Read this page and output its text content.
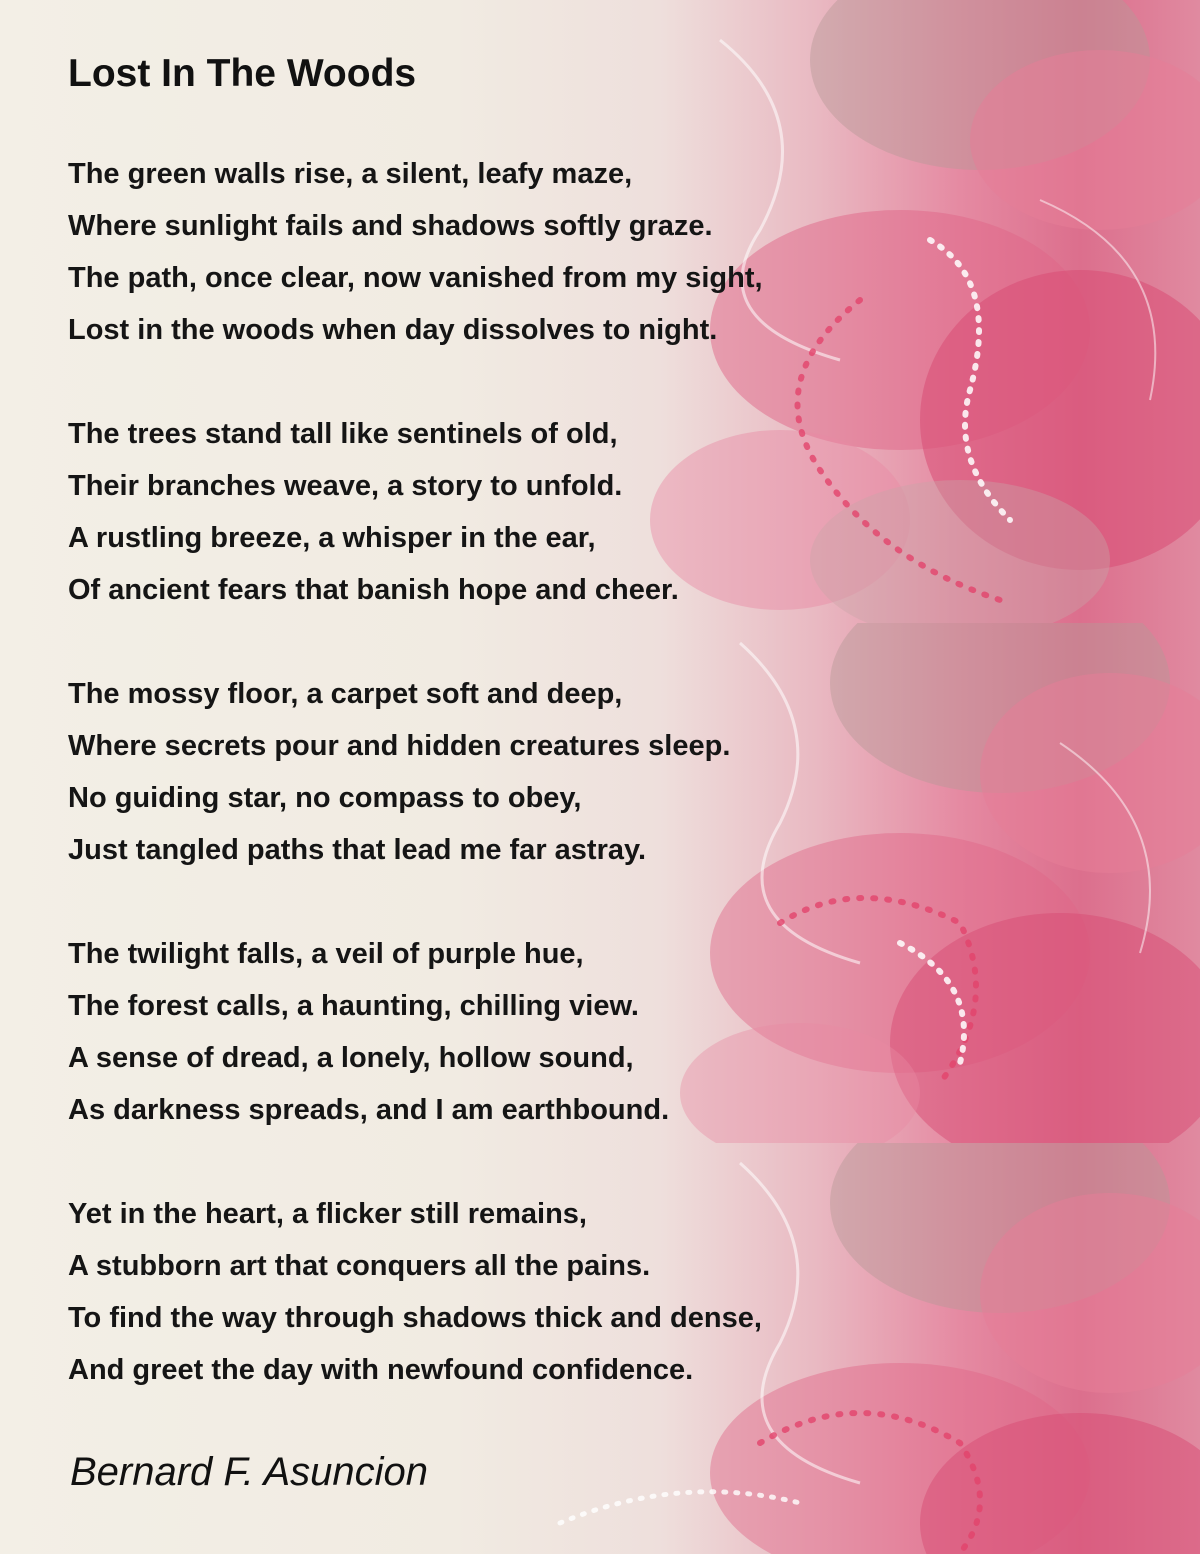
Lost In The Woods
The green walls rise, a silent, leafy maze,
Where sunlight fails and shadows softly graze.
The path, once clear, now vanished from my sight,
Lost in the woods when day dissolves to night.
The trees stand tall like sentinels of old,
Their branches weave, a story to unfold.
A rustling breeze, a whisper in the ear,
Of ancient fears that banish hope and cheer.
The mossy floor, a carpet soft and deep,
Where secrets pour and hidden creatures sleep.
No guiding star, no compass to obey,
Just tangled paths that lead me far astray.
The twilight falls, a veil of purple hue,
The forest calls, a haunting, chilling view.
A sense of dread, a lonely, hollow sound,
As darkness spreads, and I am earthbound.
Yet in the heart, a flicker still remains,
A stubborn art that conquers all the pains.
To find the way through shadows thick and dense,
And greet the day with newfound confidence.

Bernard F. Asuncion
